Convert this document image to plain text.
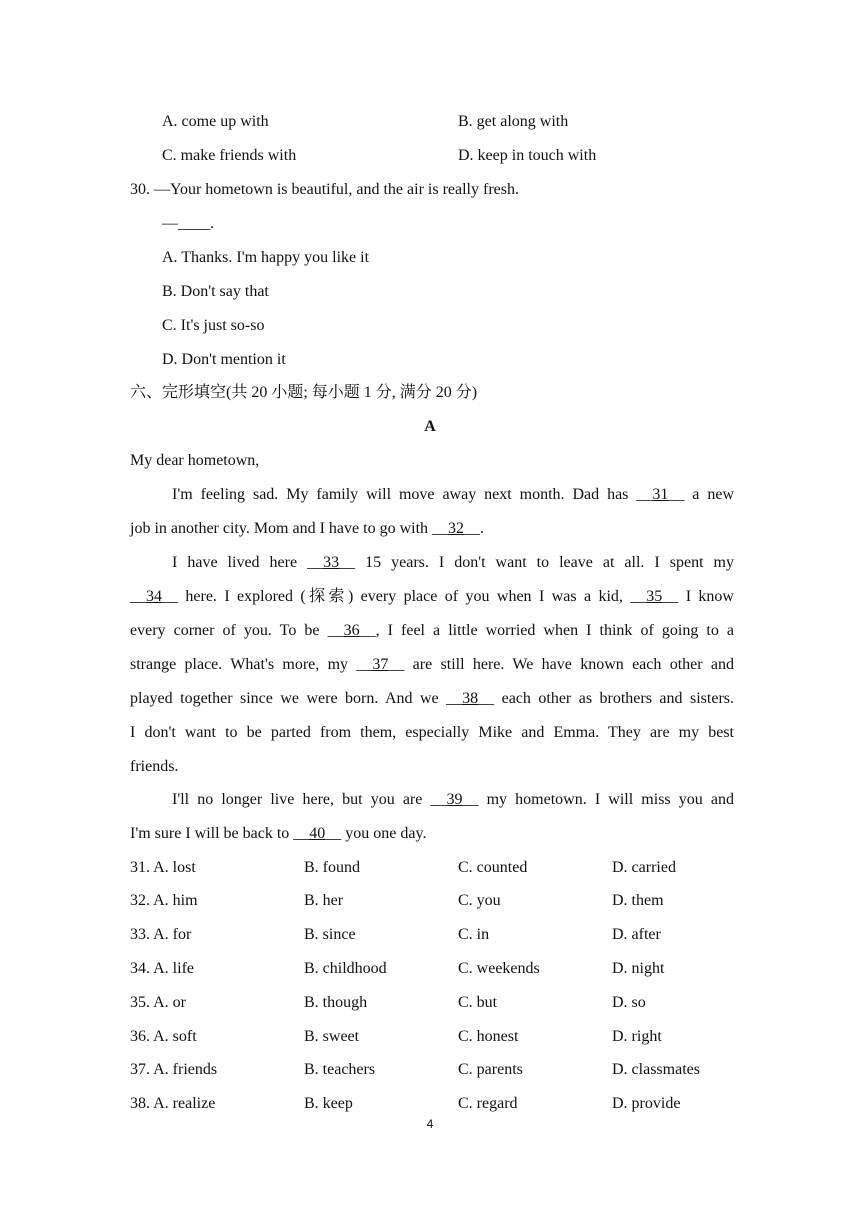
A. come up with	B. get along with
C. make friends with	D. keep in touch with
30. —Your hometown is beautiful, and the air is really fresh.
—____.
A. Thanks. I'm happy you like it
B. Don't say that
C. It's just so-so
D. Don't mention it
六、完形填空(共 20 小题; 每小题 1 分, 满分 20 分)
A
My dear hometown,
I'm feeling sad. My family will move away next month. Dad has __31__ a new
job in another city. Mom and I have to go with __32__.
I have lived here __33__ 15 years. I don't want to leave at all. I spent my
__34__ here. I explored (探索) every place of you when I was a kid, __35__ I know
every corner of you. To be __36__, I feel a little worried when I think of going to a
strange place. What's more, my __37__ are still here. We have known each other and
played together since we were born. And we __38__ each other as brothers and sisters.
I don't want to be parted from them, especially Mike and Emma. They are my best
friends.
I'll no longer live here, but you are __39__ my hometown. I will miss you and
I'm sure I will be back to __40__ you one day.
31. A. lost	B. found	C. counted	D. carried
32. A. him	B. her	C. you	D. them
33. A. for	B. since	C. in	D. after
34. A. life	B. childhood	C. weekends	D. night
35. A. or	B. though	C. but	D. so
36. A. soft	B. sweet	C. honest	D. right
37. A. friends	B. teachers	C. parents	D. classmates
38. A. realize	B. keep	C. regard	D. provide
4
